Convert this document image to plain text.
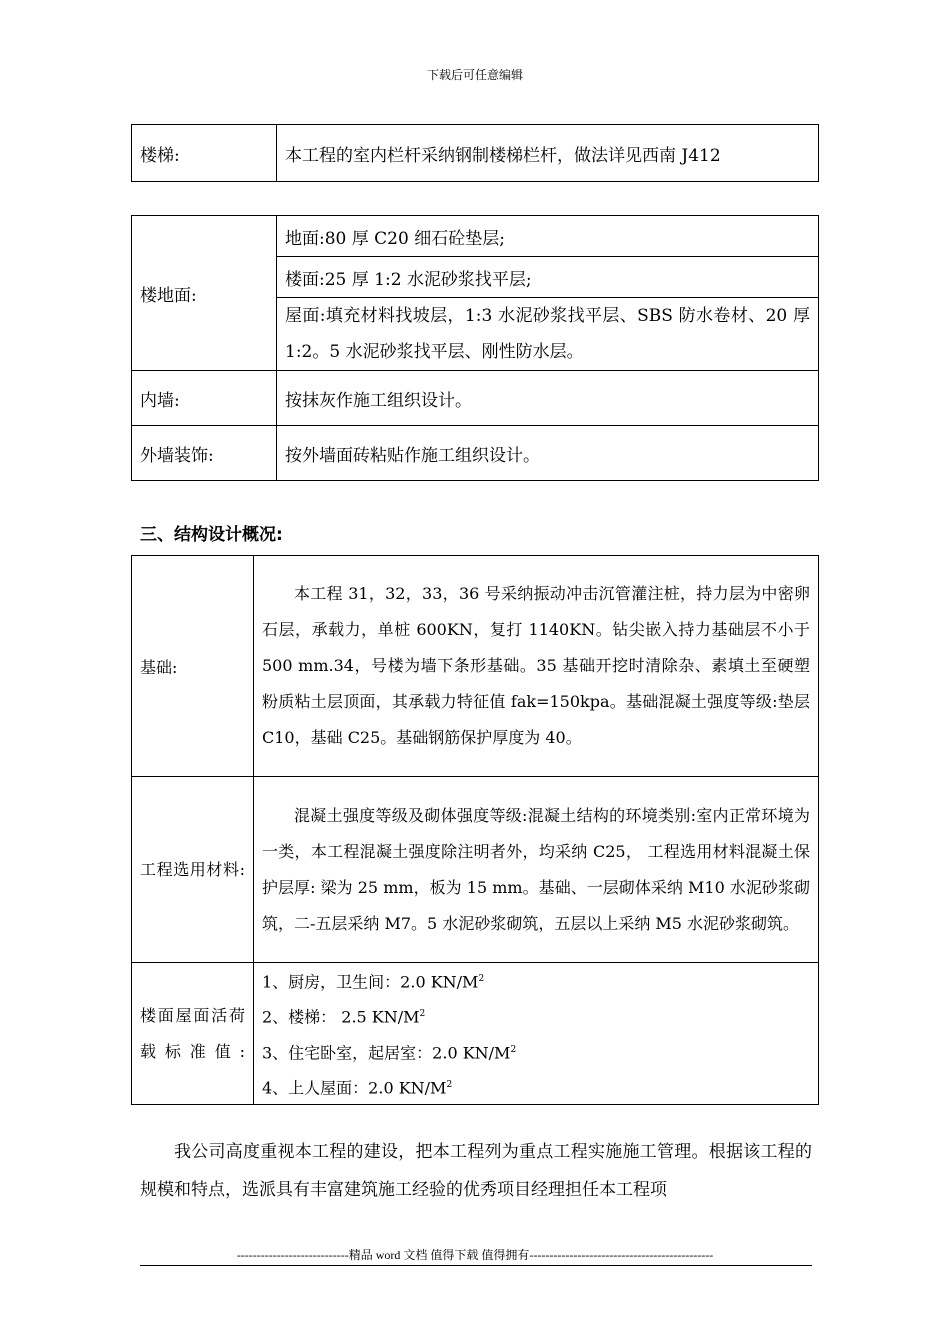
下载后可任意编辑
楼梯:	本工程的室内栏杆采纳钢制楼梯栏杆，做法详见西南 J412
楼地面:	地面:80 厚 C20 细石砼垫层;
	楼面:25 厚 1:2 水泥砂浆找平层;

	屋面:填充材料找坡层，1:3 水泥砂浆找平层、SBS 防水卷材、20 厚 1:2。5 水泥砂浆找平层、刚性防水层。

内墙:	按抹灰作施工组织设计。
外墙装饰:	按外墙面砖粘贴作施工组织设计。
三、结构设计概况:
基础:	本工程 31，32，33，36 号采纳振动冲击沉管灌注桩，持力层为中密卵石层，承载力，单桩 600KN，复打 1140KN。钻尖嵌入持力基础层不小于 500 mm.34，号楼为墙下条形基础。35 基础开挖时清除杂、素填土至硬塑粉质粘土层顶面，其承载力特征值 fak=150kpa。基础混凝土强度等级:垫层 C10，基础 C25。基础钢筋保护厚度为 40。

工程选用材料:	混凝土强度等级及砌体强度等级:混凝土结构的环境类别:室内正常环境为一类，本工程混凝土强度除注明者外，均采纳 C25， 工程选用材料混凝土保护层厚: 梁为 25 mm，板为 15 mm。基础、一层砌体采纳 M10 水泥砂浆砌筑，二-五层采纳 M7。5 水泥砂浆砌筑，五层以上采纳 M5 水泥砂浆砌筑。

楼面屋面活荷载标准值:	1、厨房，卫生间：2.0 $KN/M^2$
2、楼梯： 2.5 $KN/M^2$
3、住宅卧室，起居室：2.0 $KN/M^2$
4、上人屋面：2.0 $KN/M^2$
我公司高度重视本工程的建设，把本工程列为重点工程实施施工管理。根据该工程的规模和特点，选派具有丰富建筑施工经验的优秀项目经理担任本工程项
----------------------------精品 word 文档 值得下载 值得拥有----------------------------------------------
